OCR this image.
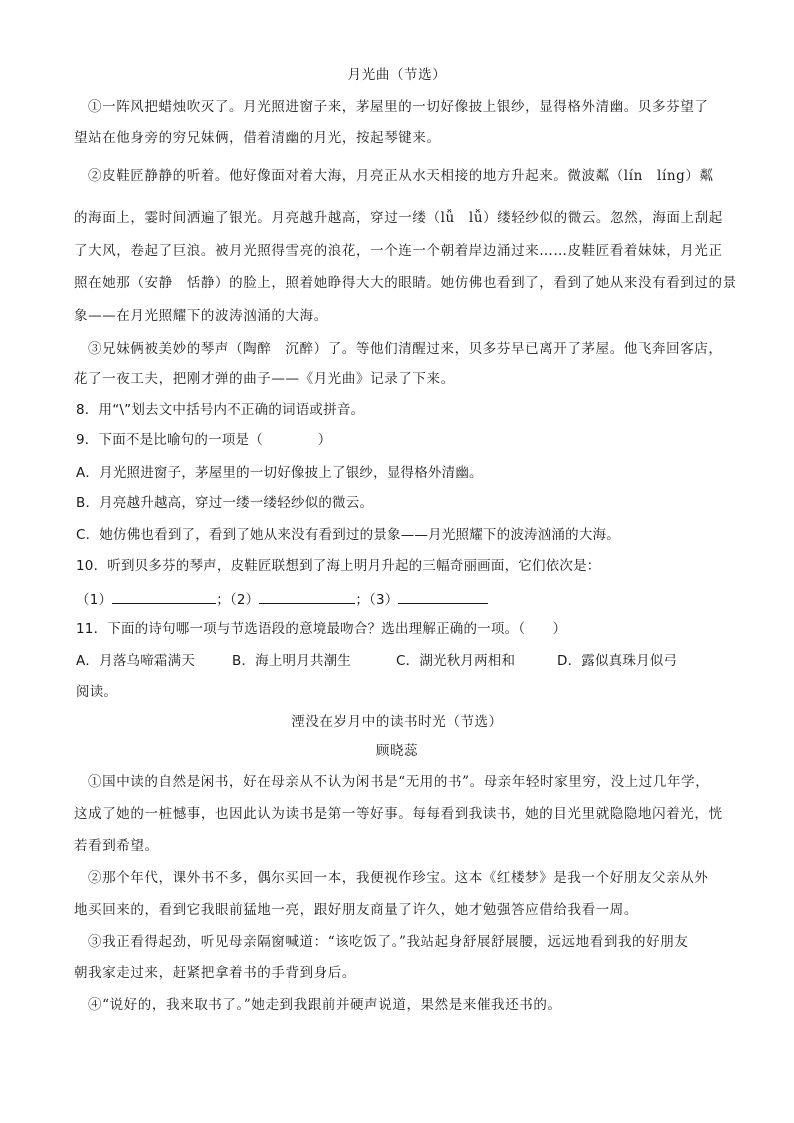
月光曲（节选）
①一阵风把蜡烛吹灭了。月光照进窗子来，茅屋里的一切好像披上银纱，显得格外清幽。贝多芬望了
望站在他身旁的穷兄妹俩，借着清幽的月光，按起琴键来。
②皮鞋匠静静的听着。他好像面对着大海，月亮正从水天相接的地方升起来。微波粼（lín　líng）粼
的海面上，霎时间洒遍了银光。月亮越升越高，穿过一缕（lǚ　lǚ）缕轻纱似的微云。忽然，海面上刮起
了大风，卷起了巨浪。被月光照得雪亮的浪花，一个连一个朝着岸边涌过来……皮鞋匠看着妹妹，月光正
照在她那（安静　恬静）的脸上，照着她睁得大大的眼睛。她仿佛也看到了，看到了她从来没有看到过的景
象——在月光照耀下的波涛汹涌的大海。
③兄妹俩被美妙的琴声（陶醉　沉醉）了。等他们清醒过来，贝多芬早已离开了茅屋。他飞奔回客店，
花了一夜工夫，把刚才弹的曲子——《月光曲》记录了下来。
8．用“\”划去文中括号内不正确的词语或拼音。
9．下面不是比喻句的一项是（　　　　）
A．月光照进窗子，茅屋里的一切好像披上了银纱，显得格外清幽。
B．月亮越升越高，穿过一缕一缕轻纱似的微云。
C．她仿佛也看到了，看到了她从来没有看到过的景象——月光照耀下的波涛汹涌的大海。
10．听到贝多芬的琴声，皮鞋匠联想到了海上明月升起的三幅奇丽画面，它们依次是：
（1）	；（2）	；（3）
11．下面的诗句哪一项与节选语段的意境最吻合？选出理解正确的一项。（　　）
A．月落乌啼霜满天	B．海上明月共潮生	C．湖光秋月两相和	D．露似真珠月似弓
阅读。
湮没在岁月中的读书时光（节选）
顾晓蕊
①国中读的自然是闲书，好在母亲从不认为闲书是“无用的书”。母亲年轻时家里穷，没上过几年学，
这成了她的一桩憾事，也因此认为读书是第一等好事。每每看到我读书，她的目光里就隐隐地闪着光，恍
若看到希望。
②那个年代，课外书不多，偶尔买回一本，我便视作珍宝。这本《红楼梦》是我一个好朋友父亲从外
地买回来的，看到它我眼前猛地一亮，跟好朋友商量了许久，她才勉强答应借给我看一周。
③我正看得起劲，听见母亲隔窗喊道：“该吃饭了。”我站起身舒展舒展腰，远远地看到我的好朋友
朝我家走过来，赶紧把拿着书的手背到身后。
④“说好的，我来取书了。”她走到我跟前并硬声说道，果然是来催我还书的。
